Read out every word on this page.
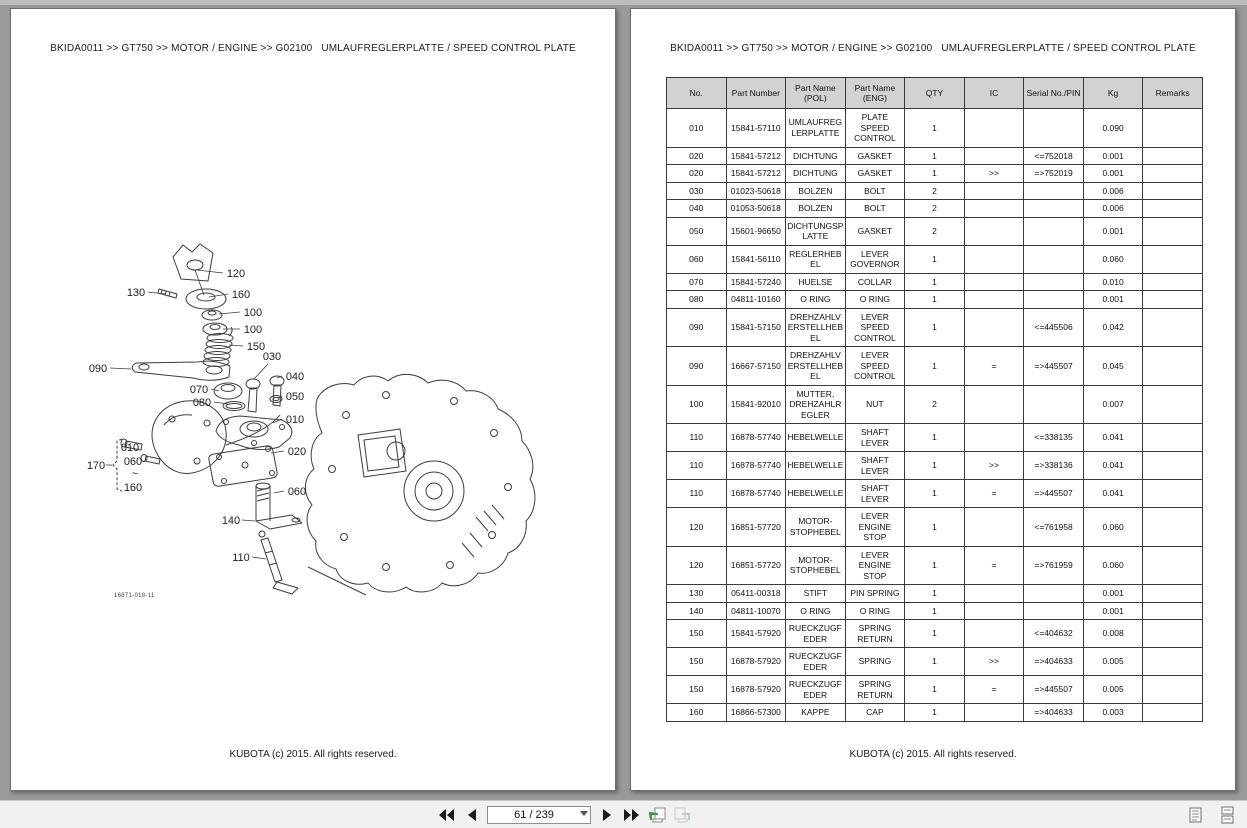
BKIDA0011 >> GT750 >> MOTOR / ENGINE >> G02100   UMLAUFREGLERPLATTE / SPEED CONTROL PLATE
16871-018-11
120
130	160
100
100
150
030
090
040
070
050
080
010
020
170
010
060
~
160	060
140
110
KUBOTA (c) 2015. All rights reserved.
BKIDA0011 >> GT750 >> MOTOR / ENGINE >> G02100   UMLAUFREGLERPLATTE / SPEED CONTROL PLATE
No.	Part Number	Part Name (POL)	Part Name (ENG)	QTY	IC	Serial No./PIN	Kg	Remarks
010	15841-57110	UMLAUFREG LERPLATTE	PLATE SPEED CONTROL	1			0.090	
020	15841-57212	DICHTUNG	GASKET	1		<=752018	0.001	
020	15841-57212	DICHTUNG	GASKET	1	>>	=>752019	0.001	
030	01023-50618	BOLZEN	BOLT	2			0.006	
040	01053-50618	BOLZEN	BOLT	2			0.006	
050	15601-96650	DICHTUNGSP LATTE	GASKET	2			0.001	
060	15841-56110	REGLERHEB EL	LEVER GOVERNOR	1			0.060	
070	15841-57240	HUELSE	COLLAR	1			0.010	
080	04811-10160	O RING	O RING	1			0.001	
090	15841-57150	DREHZAHLV ERSTELLHEB EL	LEVER SPEED CONTROL	1		<=445506	0.042	
090	16667-57150	DREHZAHLV ERSTELLHEB EL	LEVER SPEED CONTROL	1	=	=>445507	0.045	
100	15841-92010	MUTTER, DREHZAHLR EGLER	NUT	2			0.007	
110	16878-57740	HEBELWELLE	SHAFT LEVER	1		<=338135	0.041	
110	16878-57740	HEBELWELLE	SHAFT LEVER	1	>>	=>338136	0.041	
110	16878-57740	HEBELWELLE	SHAFT LEVER	1	=	=>445507	0.041	
120	16851-57720	MOTOR-STOPHEBEL	LEVER ENGINE STOP	1		<=761958	0.060	
120	16851-57720	MOTOR-STOPHEBEL	LEVER ENGINE STOP	1	=	=>761959	0.060	
130	05411-00318	STIFT	PIN SPRING	1			0.001	
140	04811-10070	O RING	O RING	1			0.001	
150	15841-57920	RUECKZUGF EDER	SPRING RETURN	1		<=404632	0.008	
150	16878-57920	RUECKZUGF EDER	SPRING	1	>>	=>404633	0.005	
150	16878-57920	RUECKZUGF EDER	SPRING RETURN	1	=	=>445507	0.005	
160	16866-57300	KAPPE	CAP	1		=>404633	0.003	
KUBOTA (c) 2015. All rights reserved.
61 / 239
